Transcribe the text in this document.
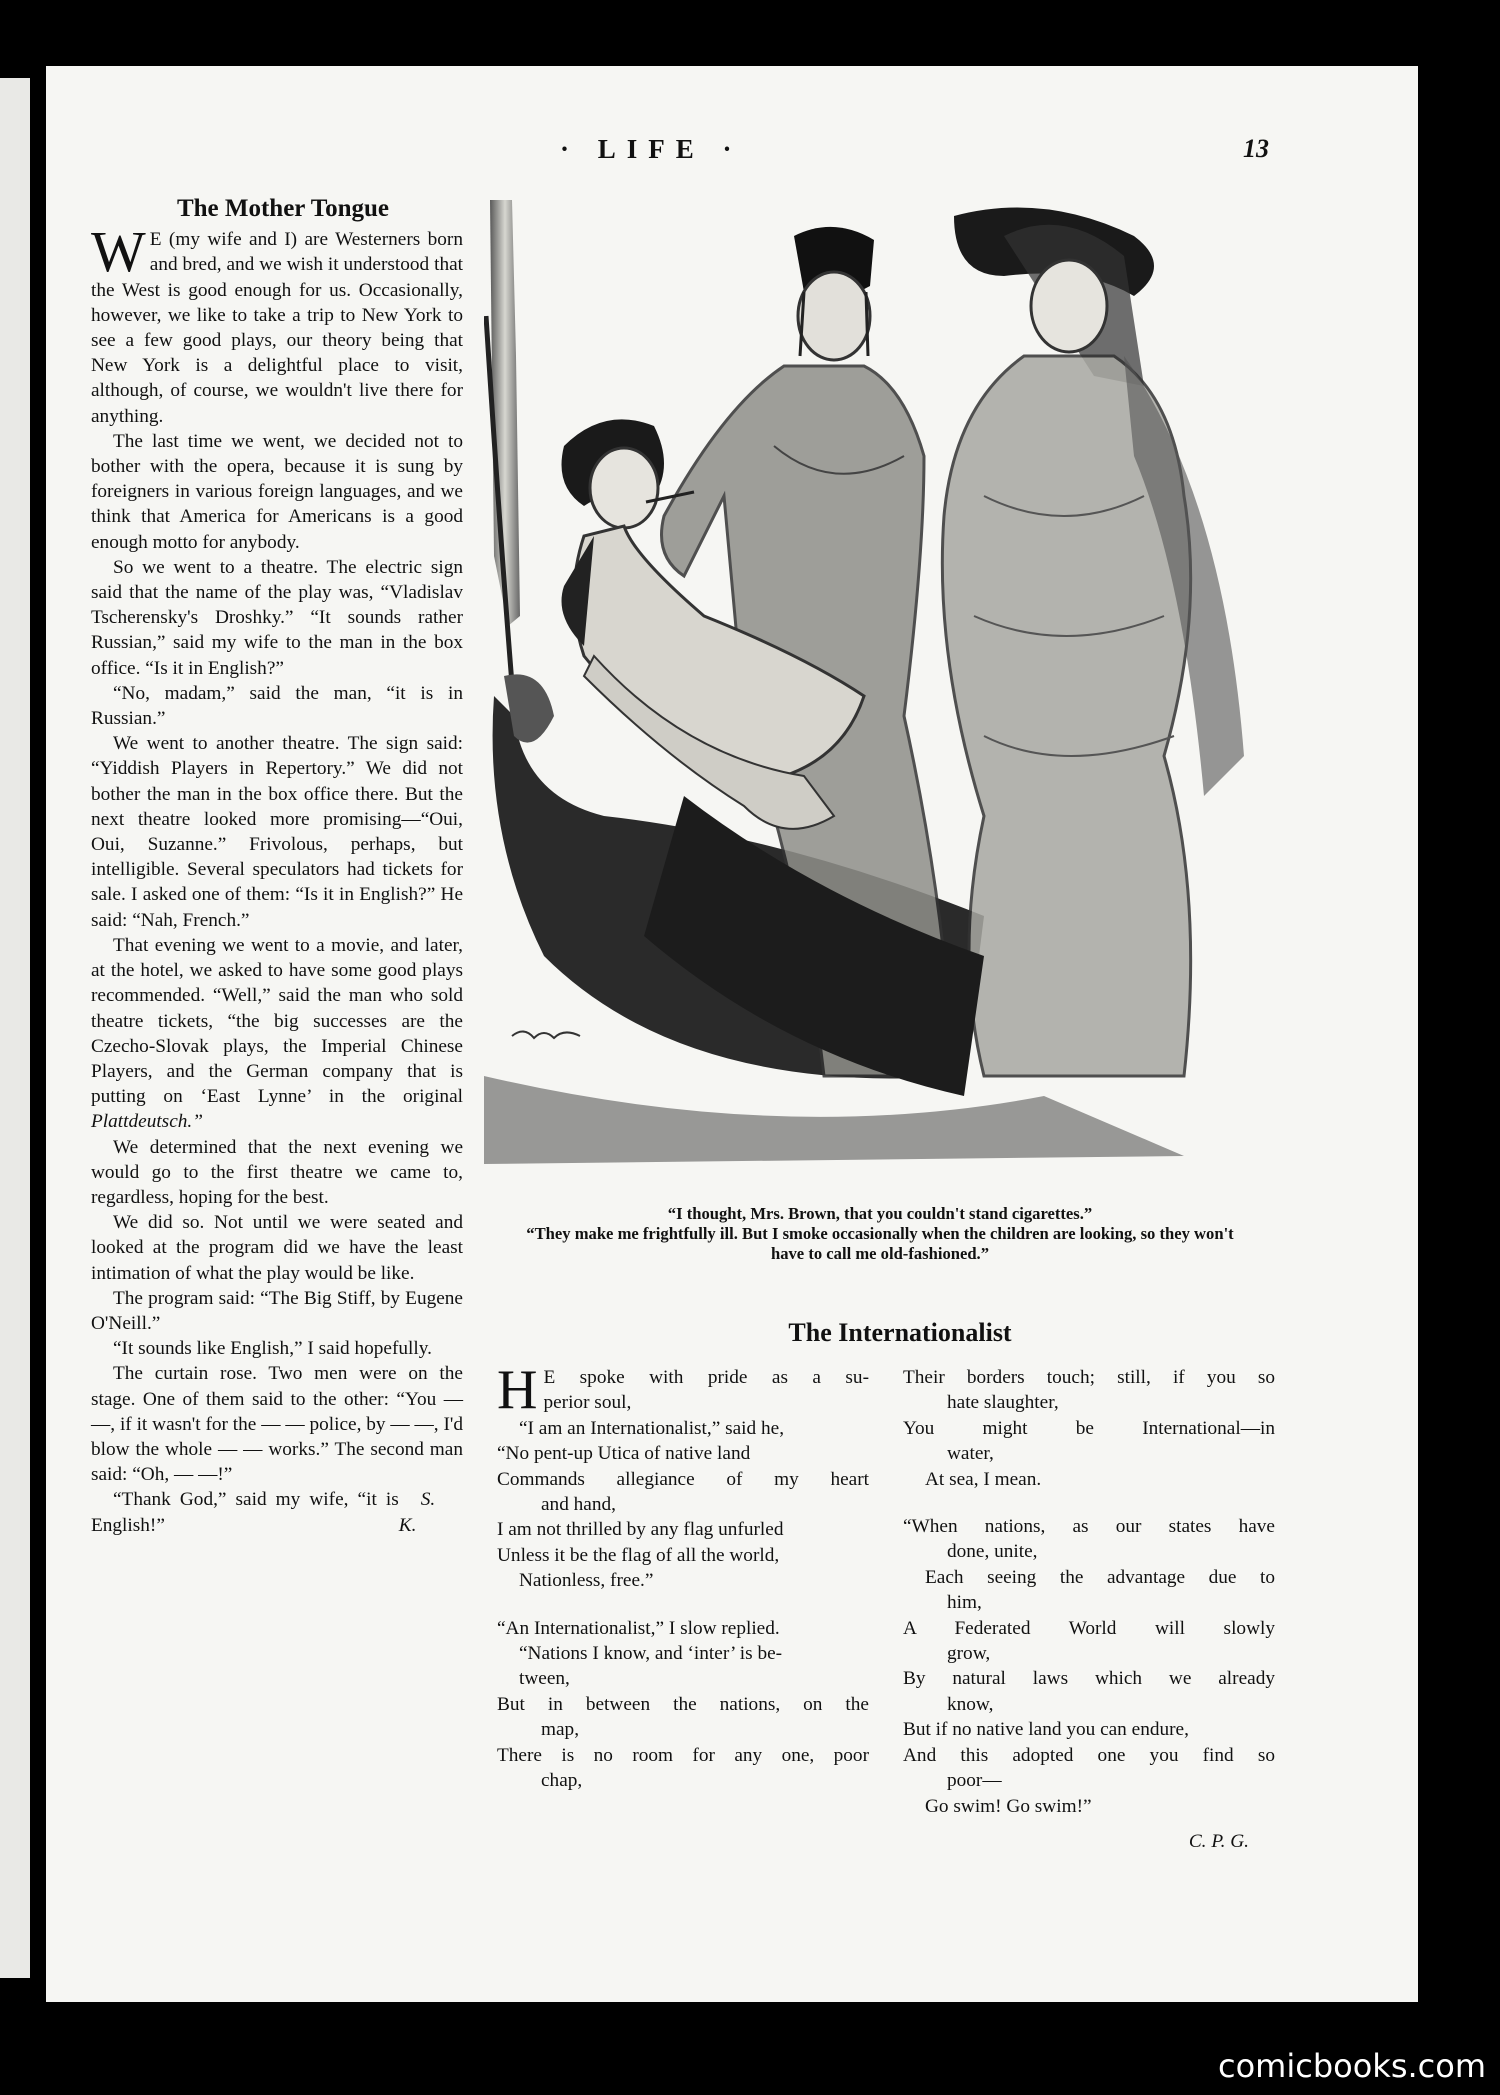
· LIFE ·	13
The Mother Tongue

W E (my wife and I) are Westerners born and bred, and we wish it understood that the West is good enough for us. Occasionally, however, we like to take a trip to New York to see a few good plays, our theory being that New York is a delightful place to visit, although, of course, we wouldn't live there for anything.

The last time we went, we decided not to bother with the opera, because it is sung by foreigners in various foreign languages, and we think that America for Americans is a good enough motto for anybody.

So we went to a theatre. The electric sign said that the name of the play was, “Vladislav Tscherensky's Droshky.” “It sounds rather Russian,” said my wife to the man in the box office. “Is it in English?”

“No, madam,” said the man, “it is in Russian.”

We went to another theatre. The sign said: “Yiddish Players in Repertory.” We did not bother the man in the box office there. But the next theatre looked more promising—“Oui, Oui, Suzanne.” Frivolous, perhaps, but intelligible. Several speculators had tickets for sale. I asked one of them: “Is it in English?” He said: “Nah, French.”

That evening we went to a movie, and later, at the hotel, we asked to have some good plays recommended. “Well,” said the man who sold theatre tickets, “the big successes are the Czecho-Slovak plays, the Imperial Chinese Players, and the German company that is putting on ‘East Lynne’ in the original Plattdeutsch.”

We determined that the next evening we would go to the first theatre we came to, regardless, hoping for the best.

We did so. Not until we were seated and looked at the program did we have the least intimation of what the play would be like.

The program said: “The Big Stiff, by Eugene O'Neill.”

“It sounds like English,” I said hopefully.

The curtain rose. Two men were on the stage. One of them said to the other: “You — —, if it wasn't for the — — police, by — —, I'd blow the whole — — works.” The second man said: “Oh, — —!”

“Thank God,” said my wife, “it is English!”
S. K.

“I thought, Mrs. Brown, that you couldn't stand cigarettes.”
“They make me frightfully ill. But I smoke occasionally when the children are looking, so they won't have to call me old-fashioned.”
The Internationalist
H E spoke with pride as a su-
perior soul,
“I am an Internationalist,” said he,
“No pent-up Utica of native land
Commands allegiance of my heart
and hand,
I am not thrilled by any flag unfurled
Unless it be the flag of all the world,
Nationless, free.”
“An Internationalist,” I slow replied.
“Nations I know, and ‘inter’ is be-
tween,
But in between the nations, on the
map,
There is no room for any one, poor
chap,
Their borders touch; still, if you so
hate slaughter,
You might be International—in
water,
At sea, I mean.
“When nations, as our states have
done, unite,
Each seeing the advantage due to
him,
A Federated World will slowly
grow,
By natural laws which we already
know,
But if no native land you can endure,
And this adopted one you find so
poor—
Go swim! Go swim!”
C. P. G.
comicbooks.com
